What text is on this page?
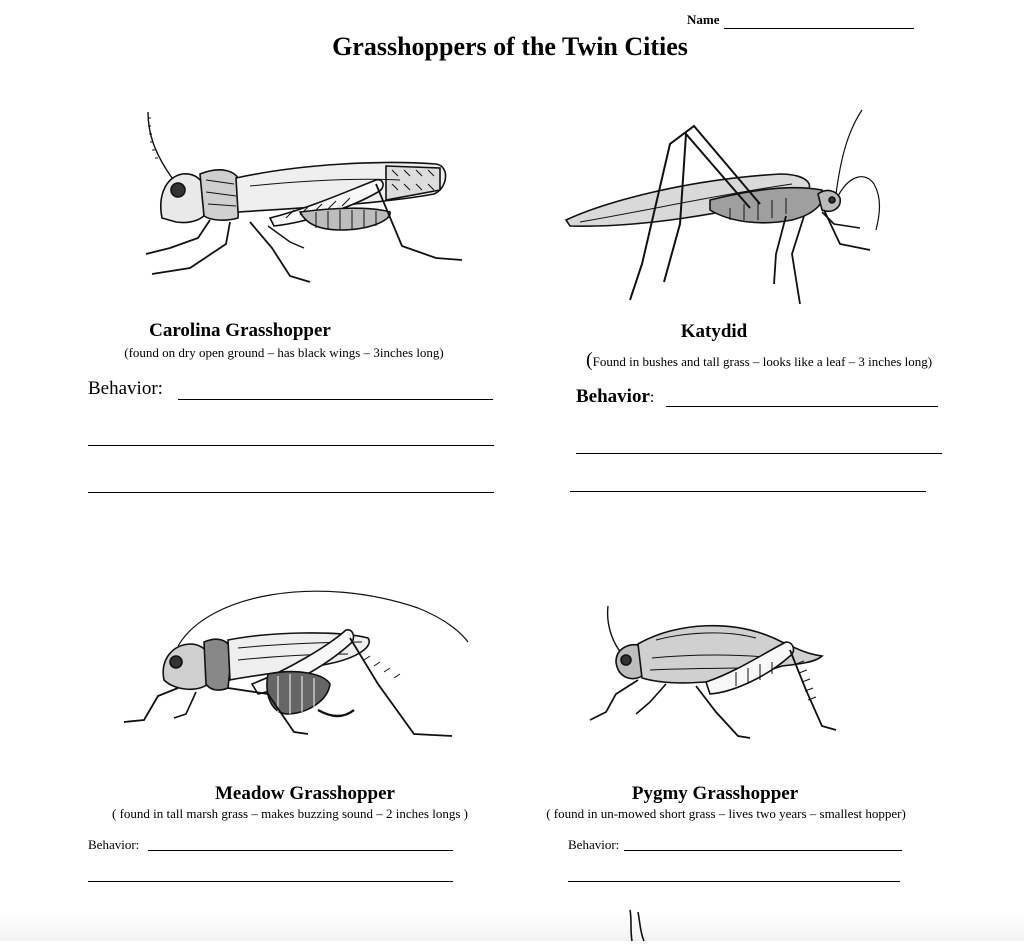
Name
Grasshoppers of the Twin Cities
Carolina Grasshopper
(found on dry open ground – has black wings – 3inches long)
Behavior:
Katydid
(Found in bushes and tall grass – looks like a leaf – 3 inches long)
Behavior:
Meadow Grasshopper
( found in tall marsh grass – makes buzzing sound – 2 inches longs )
Behavior:
Pygmy Grasshopper
( found in un-mowed short grass – lives two years – smallest hopper)
Behavior:
